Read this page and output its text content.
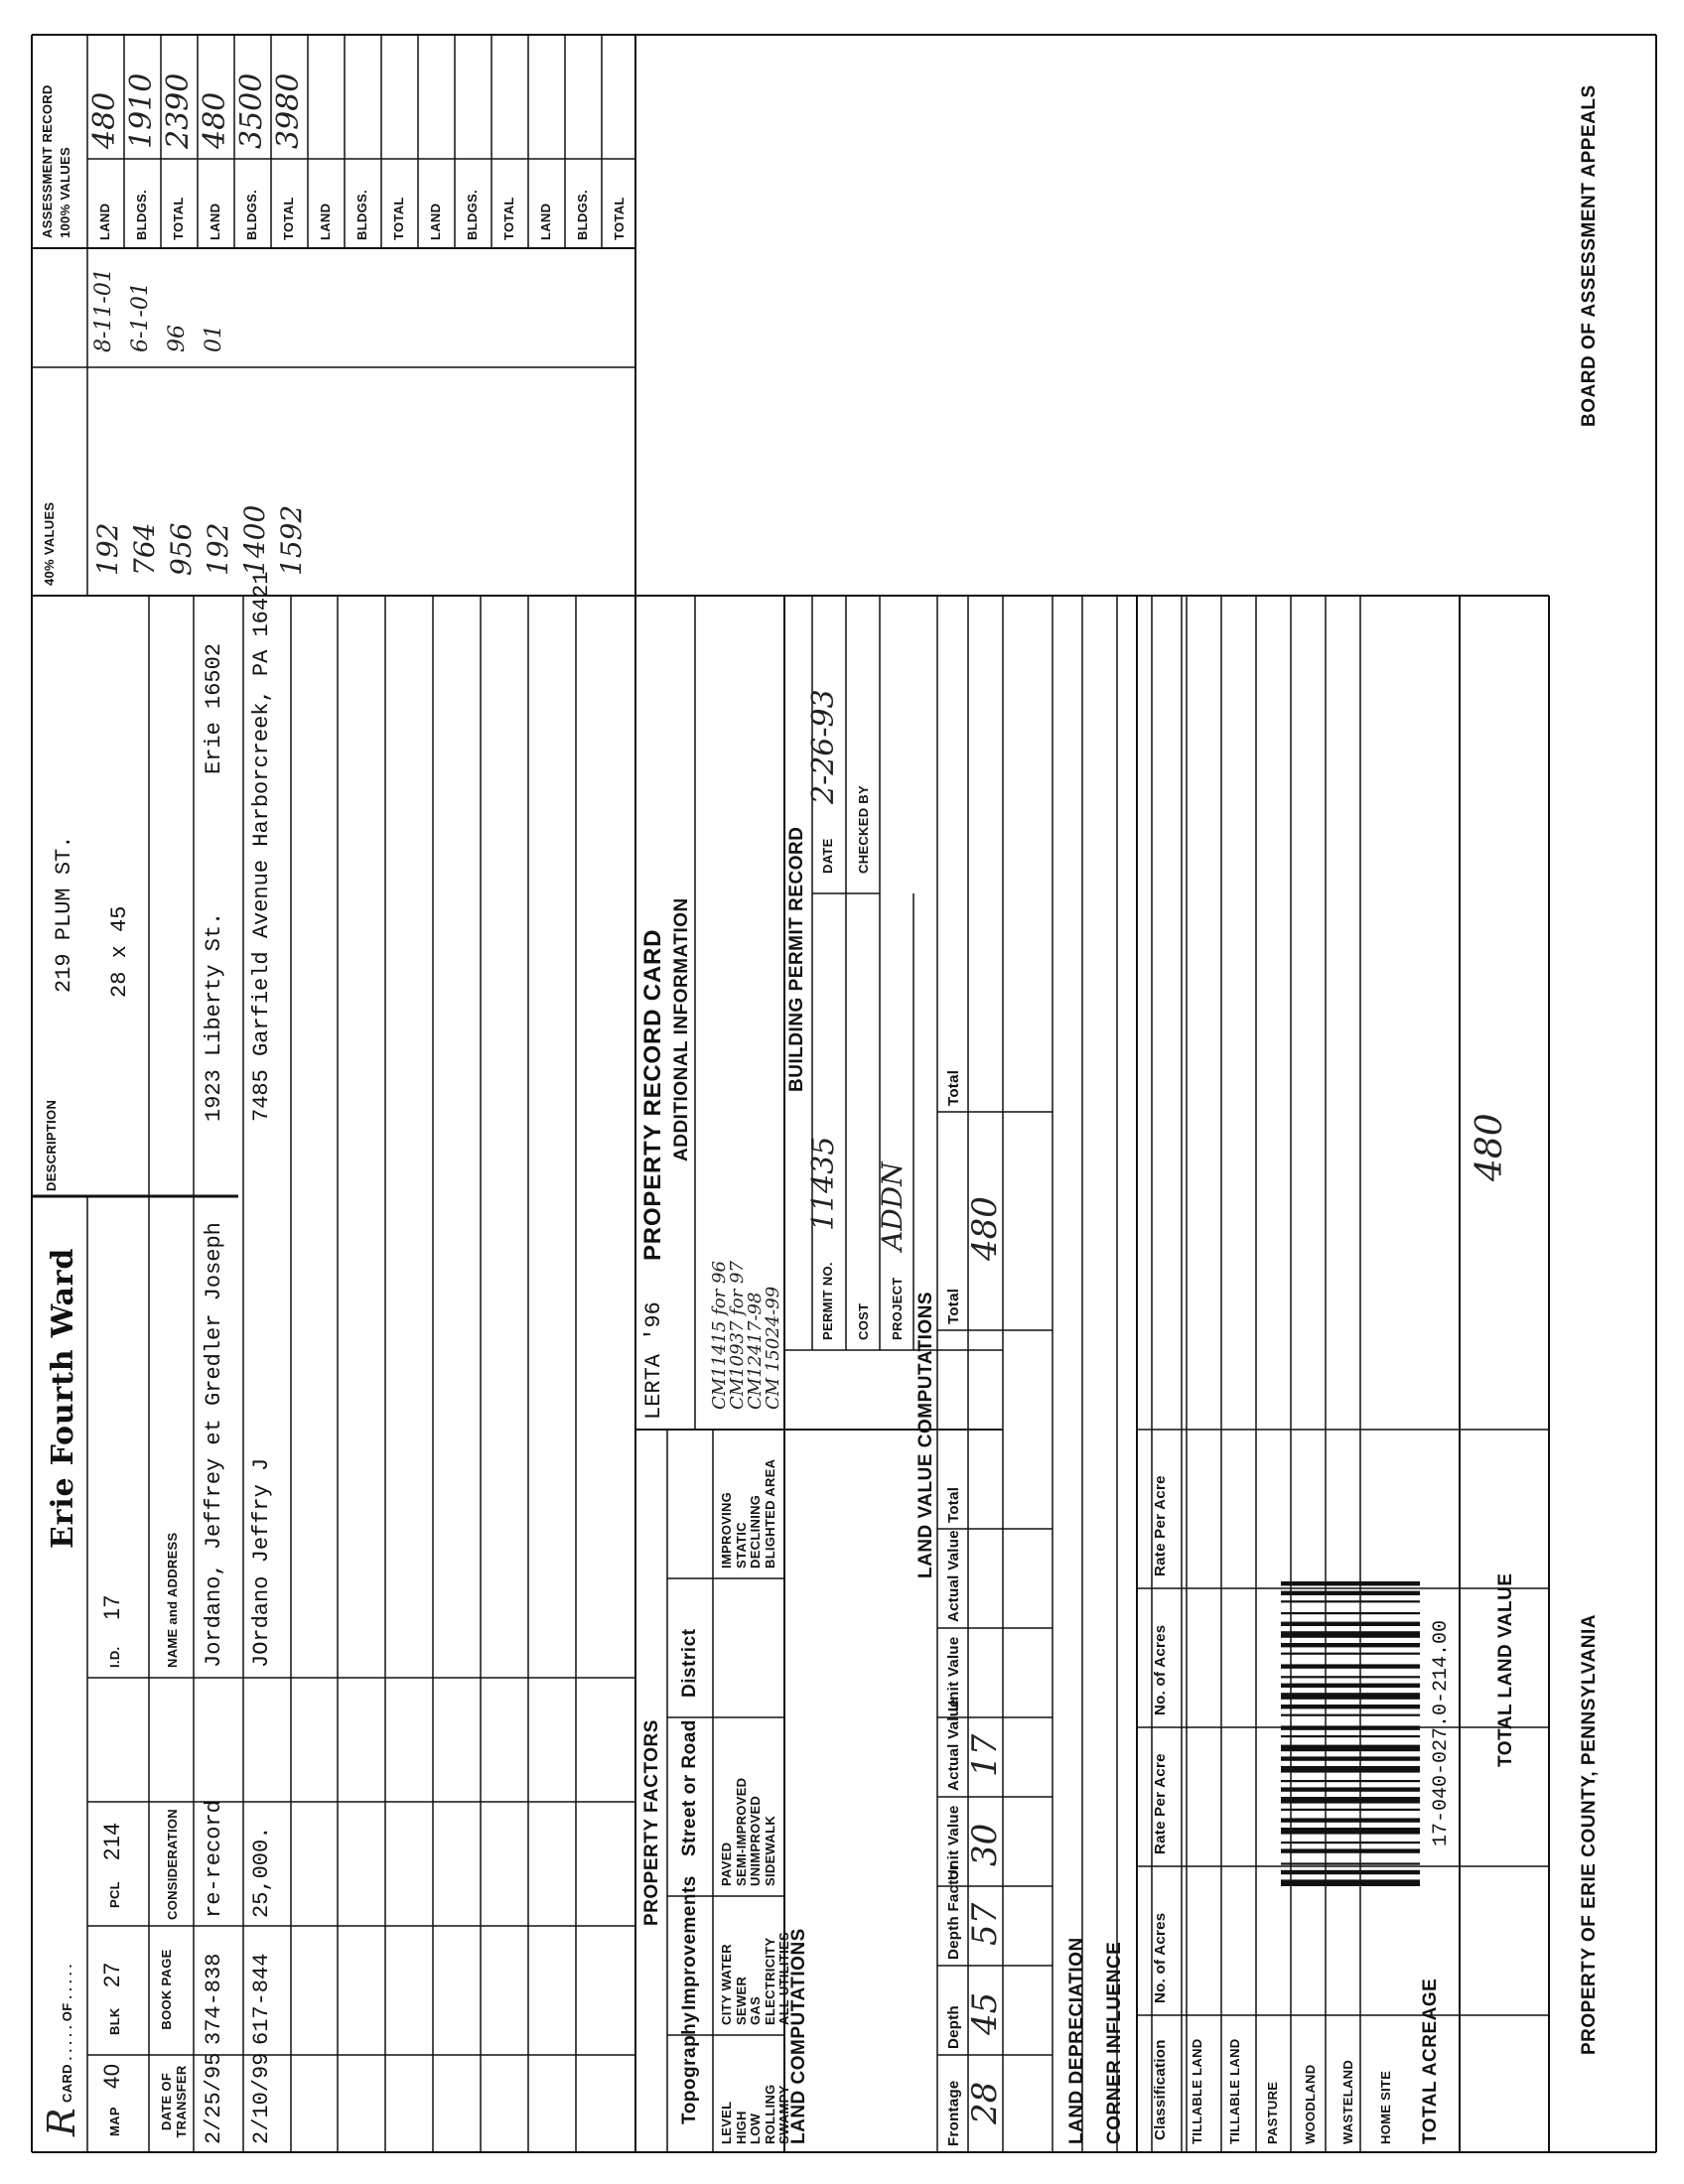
R
CARD . . . . . OF . . . . .
Erie Fourth Ward
DESCRIPTION
219 PLUM ST. 28 x 45
MAP
40
BLK
27
PCL
214
I.D.
17
DATE OF TRANSFER
BOOK PAGE
CONSIDERATION
NAME and ADDRESS
2/25/95
374-838
re-record
Jordano, Jeffrey et Gredler Joseph
1923 Liberty St.
Erie 16502
2/10/99
617-844
25,000.
JOrdano Jeffry J
7485 Garfield Avenue Harborcreek, PA 16421
40% VALUES
ASSESSMENT RECORD 100% VALUES LAND BLDGS. TOTAL LAND BLDGS. TOTAL LAND BLDGS. TOTAL LAND BLDGS. TOTAL LAND BLDGS. TOTAL
192
480
764
1910
956
2390
192
480
1400
3500
1592
3980
8-11-01 6-1-01 96 01
PROPERTY FACTORS
Topography
Improvements
Street or Road
District
LEVEL HIGH LOW ROLLING SWAMPY
CITY WATER SEWER GAS ELECTRICITY ALL UTILITIES
PAVED SEMI-IMPROVED UNIMPROVED SIDEWALK
IMPROVING STATIC DECLINING BLIGHTED AREA
LERTA '96
PROPERTY RECORD CARD ADDITIONAL INFORMATION
CM11415 for 96
CM10937 for 97
CM12417-98
CM 15024-99
BUILDING PERMIT RECORD
PERMIT NO.
11435
DATE
2-26-93
COST
CHECKED BY
PROJECT
ADDN
LAND COMPUTATIONS
LAND VALUE COMPUTATIONS
Frontage
Depth
Depth Factor
Unit Value
Actual Value
Unit Value
Actual Value
Total
Total
Total
28
45
57
30
17
480
LAND DEPRECIATION CORNER INFLUENCE Classification
No. of Acres
Rate Per Acre
No. of Acres
Rate Per Acre
TILLABLE LAND TILLABLE LAND PASTURE WOODLAND WASTELAND HOME SITE TOTAL ACREAGE
TOTAL LAND VALUE
480
17-040-027.0-214.00	PROPERTY OF ERIE COUNTY, PENNSYLVANIA
BOARD OF ASSESSMENT APPEALS
